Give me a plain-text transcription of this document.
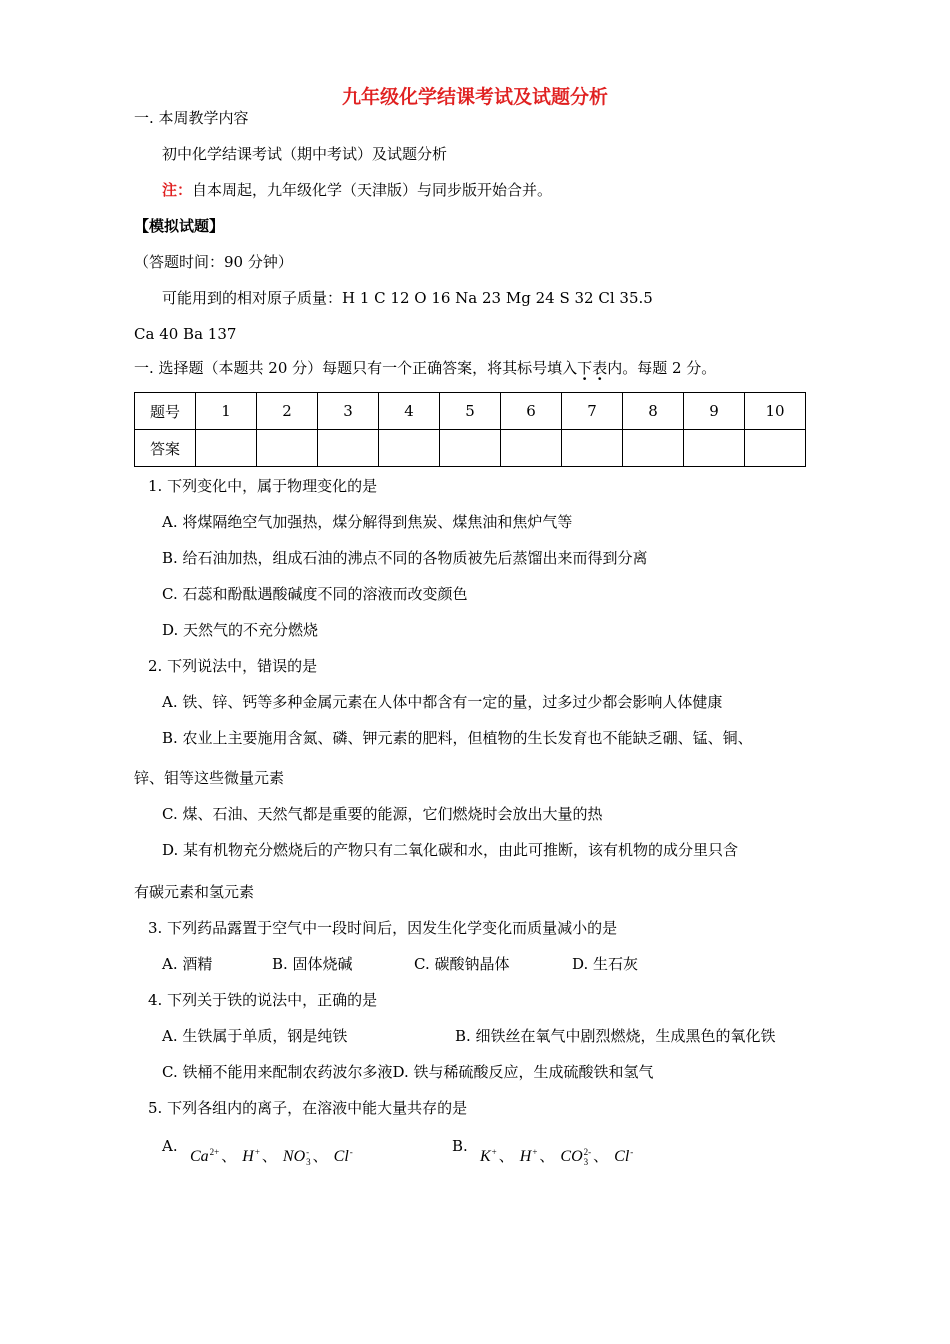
九年级化学结课考试及试题分析
一. 本周教学内容
初中化学结课考试（期中考试）及试题分析
注：自本周起，九年级化学（天津版）与同步版开始合并。
【模拟试题】
（答题时间：90 分钟）
可能用到的相对原子质量：H 1 C 12 O 16 Na 23 Mg 24 S 32 Cl 35.5
Ca 40 Ba 137
一. 选择题（本题共 20 分）每题只有一个正确答案，将其标号填入下表内。每题 2 分。
题号	1	2	3	4	5	6	7	8	9	10
答案										
1. 下列变化中，属于物理变化的是
A. 将煤隔绝空气加强热，煤分解得到焦炭、煤焦油和焦炉气等
B. 给石油加热，组成石油的沸点不同的各物质被先后蒸馏出来而得到分离
C. 石蕊和酚酞遇酸碱度不同的溶液而改变颜色
D. 天然气的不充分燃烧
2. 下列说法中，错误的是
A. 铁、锌、钙等多种金属元素在人体中都含有一定的量，过多过少都会影响人体健康
B. 农业上主要施用含氮、磷、钾元素的肥料，但植物的生长发育也不能缺乏硼、锰、铜、
锌、钼等这些微量元素
C. 煤、石油、天然气都是重要的能源，它们燃烧时会放出大量的热
D. 某有机物充分燃烧后的产物只有二氧化碳和水，由此可推断，该有机物的成分里只含
有碳元素和氢元素
3. 下列药品露置于空气中一段时间后，因发生化学变化而质量减小的是
A. 酒精	B. 固体烧碱	C. 碳酸钠晶体	D. 生石灰
4. 下列关于铁的说法中，正确的是
A. 生铁属于单质，钢是纯铁	B. 细铁丝在氧气中剧烈燃烧，生成黑色的氧化铁
C. 铁桶不能用来配制农药波尔多液D. 铁与稀硫酸反应，生成硫酸铁和氢气
5. 下列各组内的离子，在溶液中能大量共存的是
A.
Ca 2+
、 H +
、 NO -
3 、 Cl -
	B.
K +
、 H +
、 CO 2-
3 、 Cl -
